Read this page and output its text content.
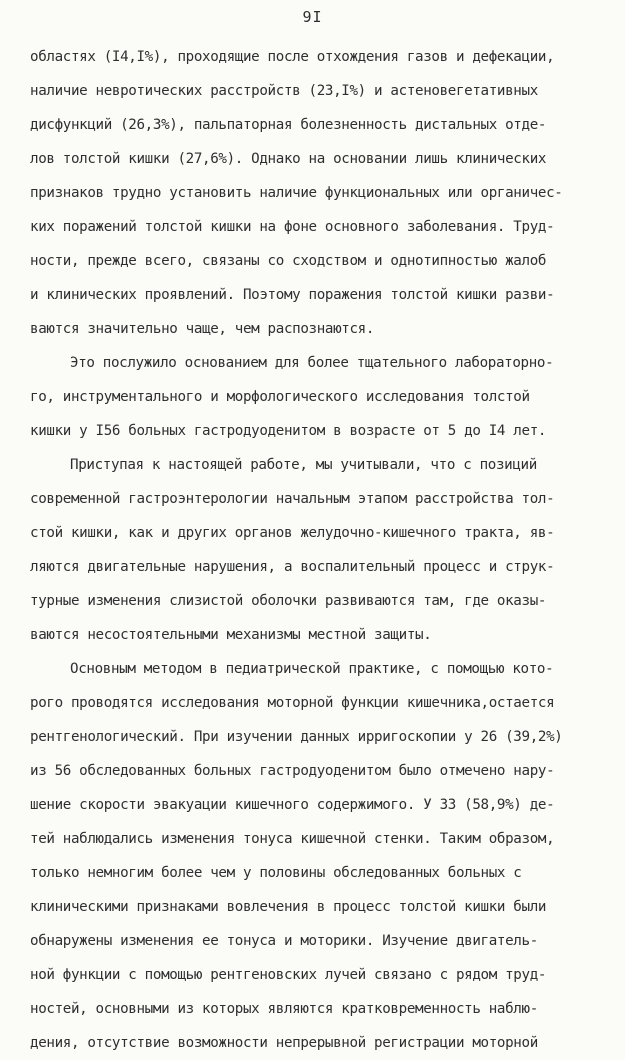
9I
областях (I4,I%), проходящие после отхождения газов и дефекации,
наличие невротических расстройств (23,I%) и астеновегетативных
дисфункций (26,3%), пальпаторная болезненность дистальных отде-
лов толстой кишки (27,6%). Однако на основании лишь клинических
признаков трудно установить наличие функциональных или органичес-
ких поражений толстой кишки на фоне основного заболевания. Труд-
ности, прежде всего, связаны со сходством и однотипностью жалоб
и клинических проявлений. Поэтому поражения толстой кишки разви-
ваются значительно чаще, чем распознаются.
Это послужило основанием для более тщательного лабораторно-
го, инструментального и морфологического исследования толстой
кишки у I56 больных гастродуоденитом в возрасте от 5 до I4 лет.
Приступая к настоящей работе, мы учитывали, что с позиций
современной гастроэнтерологии начальным этапом расстройства тол-
стой кишки, как и других органов желудочно-кишечного тракта, яв-
ляются двигательные нарушения, а воспалительный процесс и струк-
турные изменения слизистой оболочки развиваются там, где оказы-
ваются несостоятельными механизмы местной защиты.
Основным методом в педиатрической практике, с помощью кото-
рого проводятся исследования моторной функции кишечника,остается
рентгенологический. При изучении данных ирригоскопии у 26 (39,2%)
из 56 обследованных больных гастродуоденитом было отмечено нару-
шение скорости эвакуации кишечного содержимого. У 33 (58,9%) де-
тей наблюдались изменения тонуса кишечной стенки. Таким образом,
только немногим более чем у половины обследованных больных с
клиническими признаками вовлечения в процесс толстой кишки были
обнаружены изменения ее тонуса и моторики. Изучение двигатель-
ной функции с помощью рентгеновских лучей связано с рядом труд-
ностей, основными из которых являются кратковременность наблю-
дения, отсутствие возможности непрерывной регистрации моторной
